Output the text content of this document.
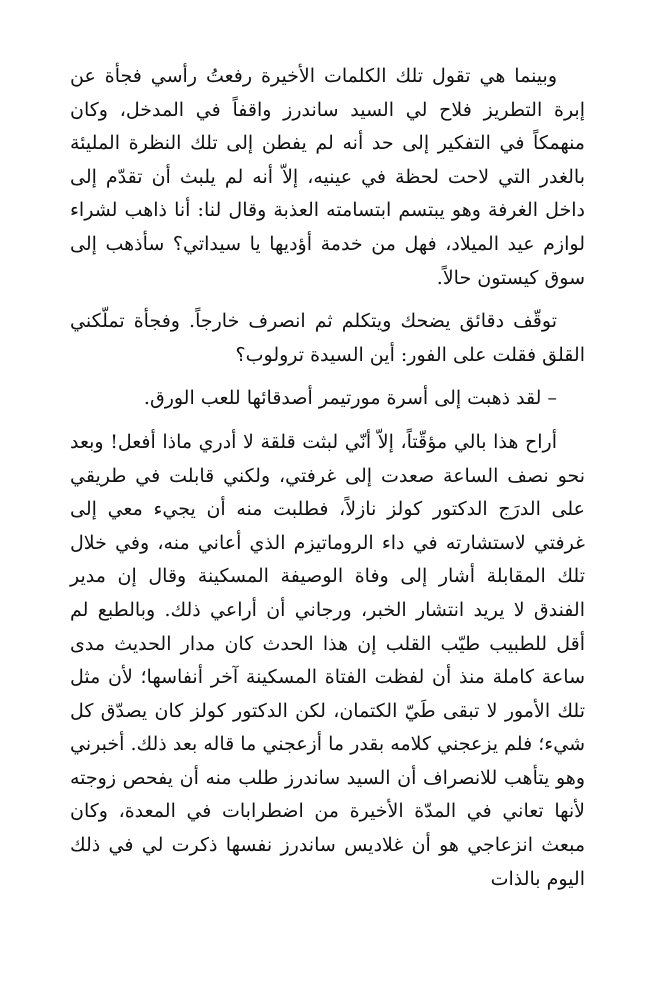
وبينما هي تقول تلك الكلمات الأخيرة رفعتُ رأسي فجأة عن إبرة التطريز فلاح لي السيد ساندرز واقفاً في المدخل، وكان منهمكاً في التفكير إلى حد أنه لم يفطن إلى تلك النظرة المليئة بالغدر التي لاحت لحظة في عينيه، إلاّ أنه لم يلبث أن تقدّم إلى داخل الغرفة وهو يبتسم ابتسامته العذبة وقال لنا: أنا ذاهب لشراء لوازم عيد الميلاد، فهل من خدمة أؤديها يا سيداتي؟ سأذهب إلى سوق كيستون حالاً.

توقّف دقائق يضحك ويتكلم ثم انصرف خارجاً. وفجأة تملّكني القلق فقلت على الفور: أين السيدة ترولوب؟

– لقد ذهبت إلى أسرة مورتيمر أصدقائها للعب الورق.

أراح هذا بالي مؤقّتاً، إلاّ أنّي لبثت قلقة لا أدري ماذا أفعل! وبعد نحو نصف الساعة صعدت إلى غرفتي، ولكني قابلت في طريقي على الدرَج الدكتور كولز نازلاً، فطلبت منه أن يجيء معي إلى غرفتي لاستشارته في داء الروماتيزم الذي أعاني منه، وفي خلال تلك المقابلة أشار إلى وفاة الوصيفة المسكينة وقال إن مدير الفندق لا يريد انتشار الخبر، ورجاني أن أراعي ذلك. وبالطبع لم أقل للطبيب طيّب القلب إن هذا الحدث كان مدار الحديث مدى ساعة كاملة منذ أن لفظت الفتاة المسكينة آخر أنفاسها؛ لأن مثل تلك الأمور لا تبقى طَيّ الكتمان، لكن الدكتور كولز كان يصدّق كل شيء؛ فلم يزعجني كلامه بقدر ما أزعجني ما قاله بعد ذلك. أخبرني وهو يتأهب للانصراف أن السيد ساندرز طلب منه أن يفحص زوجته لأنها تعاني في المدّة الأخيرة من اضطرابات في المعدة، وكان مبعث انزعاجي هو أن غلاديس ساندرز نفسها ذكرت لي في ذلك اليوم بالذات
